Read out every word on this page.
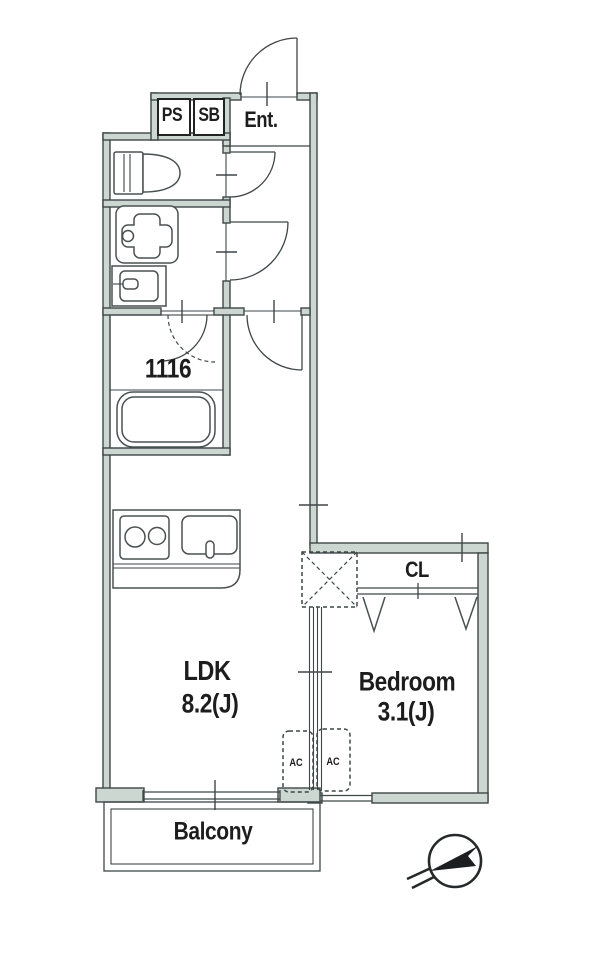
PS SB Ent.
1116
LDK
8.2(J)
Bedroom
3.1(J)
CL
AC AC
Balcony
